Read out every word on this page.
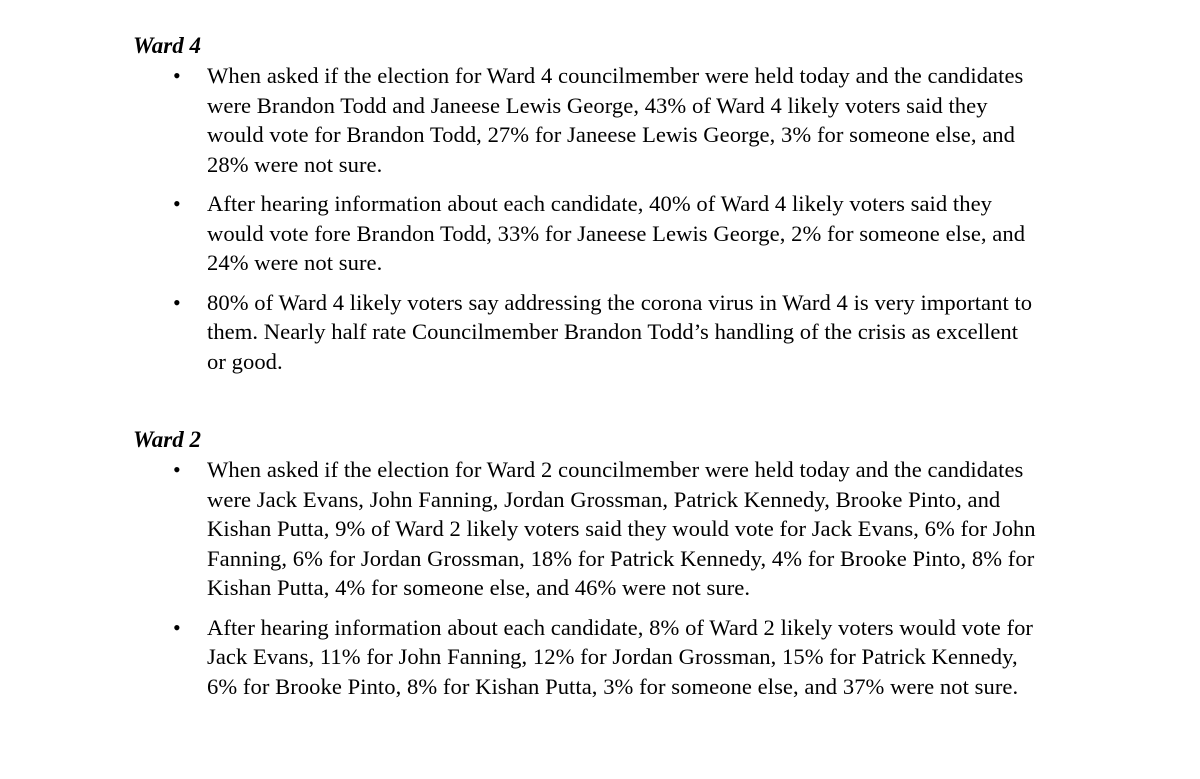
Ward 4
• When asked if the election for Ward 4 councilmember were held today and the candidates were Brandon Todd and Janeese Lewis George, 43% of Ward 4 likely voters said they would vote for Brandon Todd, 27% for Janeese Lewis George, 3% for someone else, and 28% were not sure.
• After hearing information about each candidate, 40% of Ward 4 likely voters said they would vote fore Brandon Todd, 33% for Janeese Lewis George, 2% for someone else, and 24% were not sure.
• 80% of Ward 4 likely voters say addressing the corona virus in Ward 4 is very important to them. Nearly half rate Councilmember Brandon Todd’s handling of the crisis as excellent or good.
Ward 2
• When asked if the election for Ward 2 councilmember were held today and the candidates were Jack Evans, John Fanning, Jordan Grossman, Patrick Kennedy, Brooke Pinto, and Kishan Putta, 9% of Ward 2 likely voters said they would vote for Jack Evans, 6% for John Fanning, 6% for Jordan Grossman, 18% for Patrick Kennedy, 4% for Brooke Pinto, 8% for Kishan Putta, 4% for someone else, and 46% were not sure.
• After hearing information about each candidate, 8% of Ward 2 likely voters would vote for Jack Evans, 11% for John Fanning, 12% for Jordan Grossman, 15% for Patrick Kennedy, 6% for Brooke Pinto, 8% for Kishan Putta, 3% for someone else, and 37% were not sure.
